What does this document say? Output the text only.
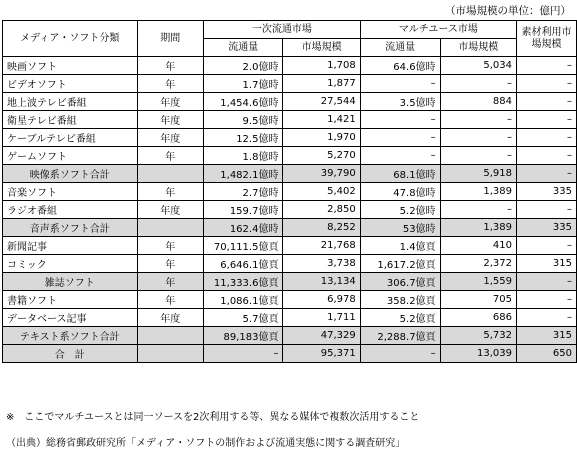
（市場規模の単位：億円）
メディア・ソフト分類	期間	一次流通市場		マルチユース市場		素材利用市場規模
		流通量	市場規模	流通量	市場規模	
映画ソフト	年	2.0億時	1,708	64.6億時	5,034	–
ビデオソフト	年	1.7億時	1,877	–	–	–
地上波テレビ番組	年度	1,454.6億時	27,544	3.5億時	884	–
衛星テレビ番組	年度	9.5億時	1,421	–	–	–
ケーブルテレビ番組	年度	12.5億時	1,970	–	–	–
ゲームソフト	年	1.8億時	5,270	–	–	–
映像系ソフト合計		1,482.1億時	39,790	68.1億時	5,918	–
音楽ソフト	年	2.7億時	5,402	47.8億時	1,389	335
ラジオ番組	年度	159.7億時	2,850	5.2億時	–	–
音声系ソフト合計		162.4億時	8,252	53億時	1,389	335
新聞記事	年	70,111.5億頁	21,768	1.4億頁	410	–
コミック	年	6,646.1億頁	3,738	1,617.2億頁	2,372	315
雑誌ソフト	年	11,333.6億頁	13,134	306.7億頁	1,559	–
書籍ソフト	年	1,086.1億頁	6,978	358.2億頁	705	–
データベース記事	年度	5.7億頁	1,711	5.2億頁	686	–
テキスト系ソフト合計		89,183億頁	47,329	2,288.7億頁	5,732	315
合　計		–	95,371	–	13,039	650
※　ここでマルチユースとは同一ソースを2次利用する等、異なる媒体で複数次活用すること
（出典）総務省郵政研究所「メディア・ソフトの制作および流通実態に関する調査研究」
